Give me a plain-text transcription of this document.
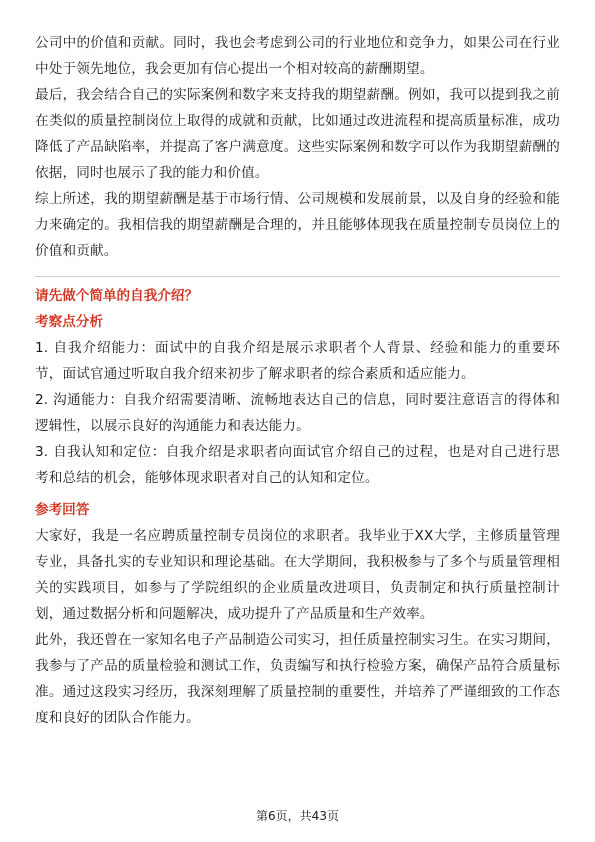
公司中的价值和贡献。同时，我也会考虑到公司的行业地位和竞争力，如果公司在行业中处于领先地位，我会更加有信心提出一个相对较高的薪酬期望。

最后，我会结合自己的实际案例和数字来支持我的期望薪酬。例如，我可以提到我之前在类似的质量控制岗位上取得的成就和贡献，比如通过改进流程和提高质量标准，成功降低了产品缺陷率，并提高了客户满意度。这些实际案例和数字可以作为我期望薪酬的依据，同时也展示了我的能力和价值。

综上所述，我的期望薪酬是基于市场行情、公司规模和发展前景，以及自身的经验和能力来确定的。我相信我的期望薪酬是合理的，并且能够体现我在质量控制专员岗位上的价值和贡献。

请先做个简单的自我介绍？

考察点分析

1. 自我介绍能力：面试中的自我介绍是展示求职者个人背景、经验和能力的重要环节，面试官通过听取自我介绍来初步了解求职者的综合素质和适应能力。

2. 沟通能力：自我介绍需要清晰、流畅地表达自己的信息，同时要注意语言的得体和逻辑性，以展示良好的沟通能力和表达能力。

3. 自我认知和定位：自我介绍是求职者向面试官介绍自己的过程，也是对自己进行思考和总结的机会，能够体现求职者对自己的认知和定位。

参考回答

大家好，我是一名应聘质量控制专员岗位的求职者。我毕业于XX大学，主修质量管理专业，具备扎实的专业知识和理论基础。在大学期间，我积极参与了多个与质量管理相关的实践项目，如参与了学院组织的企业质量改进项目，负责制定和执行质量控制计划，通过数据分析和问题解决，成功提升了产品质量和生产效率。

此外，我还曾在一家知名电子产品制造公司实习，担任质量控制实习生。在实习期间，我参与了产品的质量检验和测试工作，负责编写和执行检验方案，确保产品符合质量标准。通过这段实习经历，我深刻理解了质量控制的重要性，并培养了严谨细致的工作态度和良好的团队合作能力。

第6页，共43页
